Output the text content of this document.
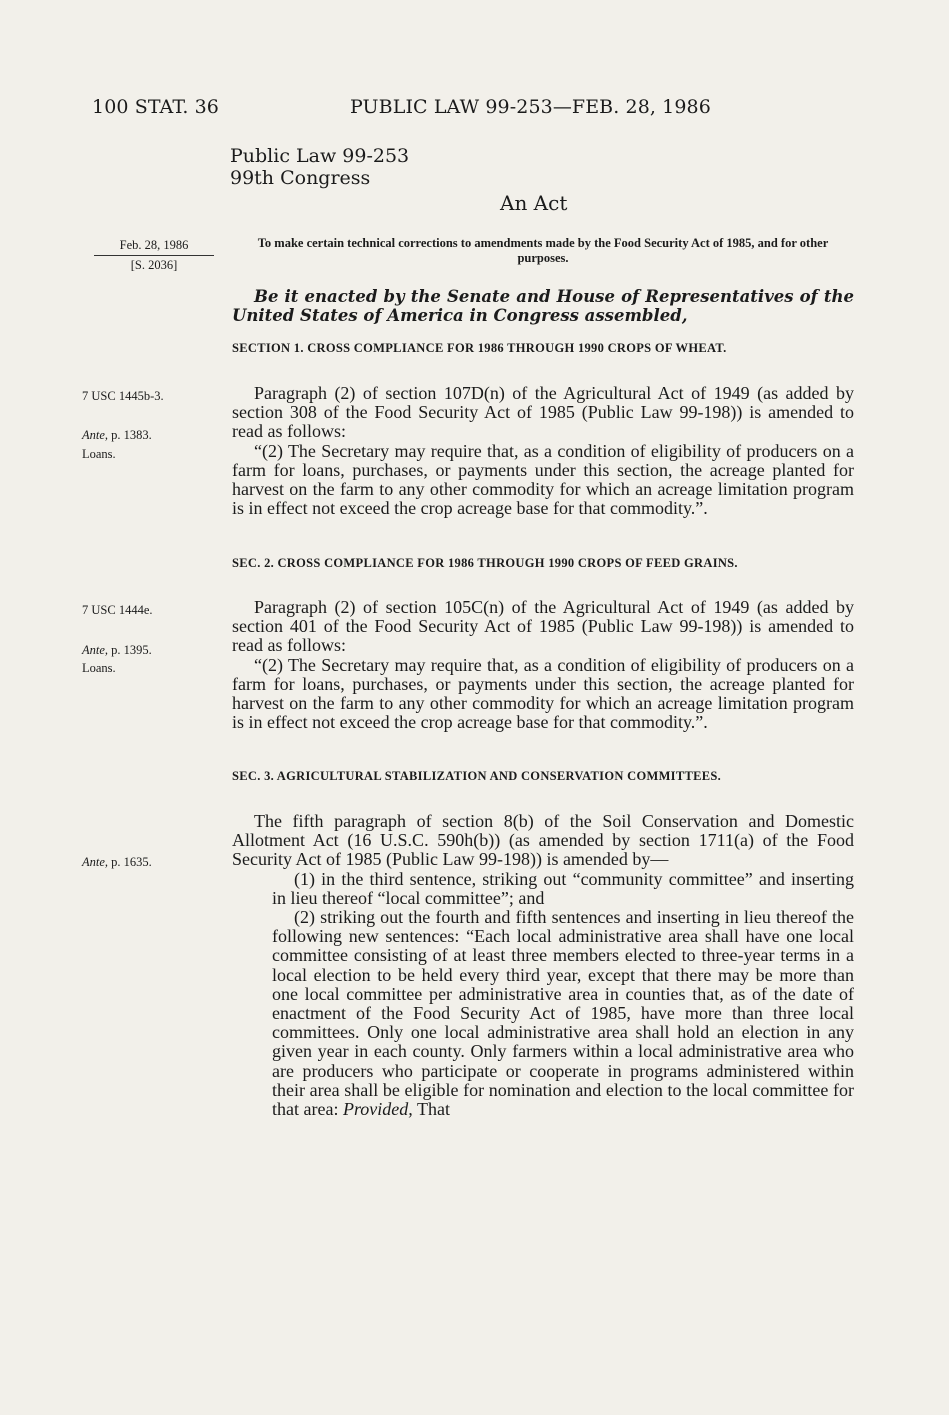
100 STAT. 36	PUBLIC LAW 99-253—FEB. 28, 1986
Public Law 99-253
99th Congress
An Act
Feb. 28, 1986
[S. 2036]
To make certain technical corrections to amendments made by the Food Security Act of 1985, and for other purposes.
Be it enacted by the Senate and House of Representatives of the United States of America in Congress assembled,
SECTION 1. CROSS COMPLIANCE FOR 1986 THROUGH 1990 CROPS OF WHEAT.

Paragraph (2) of section 107D(n) of the Agricultural Act of 1949 (as added by section 308 of the Food Security Act of 1985 (Public Law 99-198)) is amended to read as follows:

“(2) The Secretary may require that, as a condition of eligibility of producers on a farm for loans, purchases, or payments under this section, the acreage planted for harvest on the farm to any other commodity for which an acreage limitation program is in effect not exceed the crop acreage base for that commodity.”.

7 USC 1445b-3.
Ante, p. 1383.
Loans.
SEC. 2. CROSS COMPLIANCE FOR 1986 THROUGH 1990 CROPS OF FEED GRAINS.

Paragraph (2) of section 105C(n) of the Agricultural Act of 1949 (as added by section 401 of the Food Security Act of 1985 (Public Law 99-198)) is amended to read as follows:

“(2) The Secretary may require that, as a condition of eligibility of producers on a farm for loans, purchases, or payments under this section, the acreage planted for harvest on the farm to any other commodity for which an acreage limitation program is in effect not exceed the crop acreage base for that commodity.”.

7 USC 1444e.
Ante, p. 1395.
Loans.
SEC. 3. AGRICULTURAL STABILIZATION AND CONSERVATION COMMITTEES.

The fifth paragraph of section 8(b) of the Soil Conservation and Domestic Allotment Act (16 U.S.C. 590h(b)) (as amended by section 1711(a) of the Food Security Act of 1985 (Public Law 99-198)) is amended by—

(1) in the third sentence, striking out “community committee” and inserting in lieu thereof “local committee”; and

(2) striking out the fourth and fifth sentences and inserting in lieu thereof the following new sentences: “Each local administrative area shall have one local committee consisting of at least three members elected to three-year terms in a local election to be held every third year, except that there may be more than one local committee per administrative area in counties that, as of the date of enactment of the Food Security Act of 1985, have more than three local committees. Only one local administrative area shall hold an election in any given year in each county. Only farmers within a local administrative area who are producers who participate or cooperate in programs administered within their area shall be eligible for nomination and election to the local committee for that area: Provided, That

Ante, p. 1635.
